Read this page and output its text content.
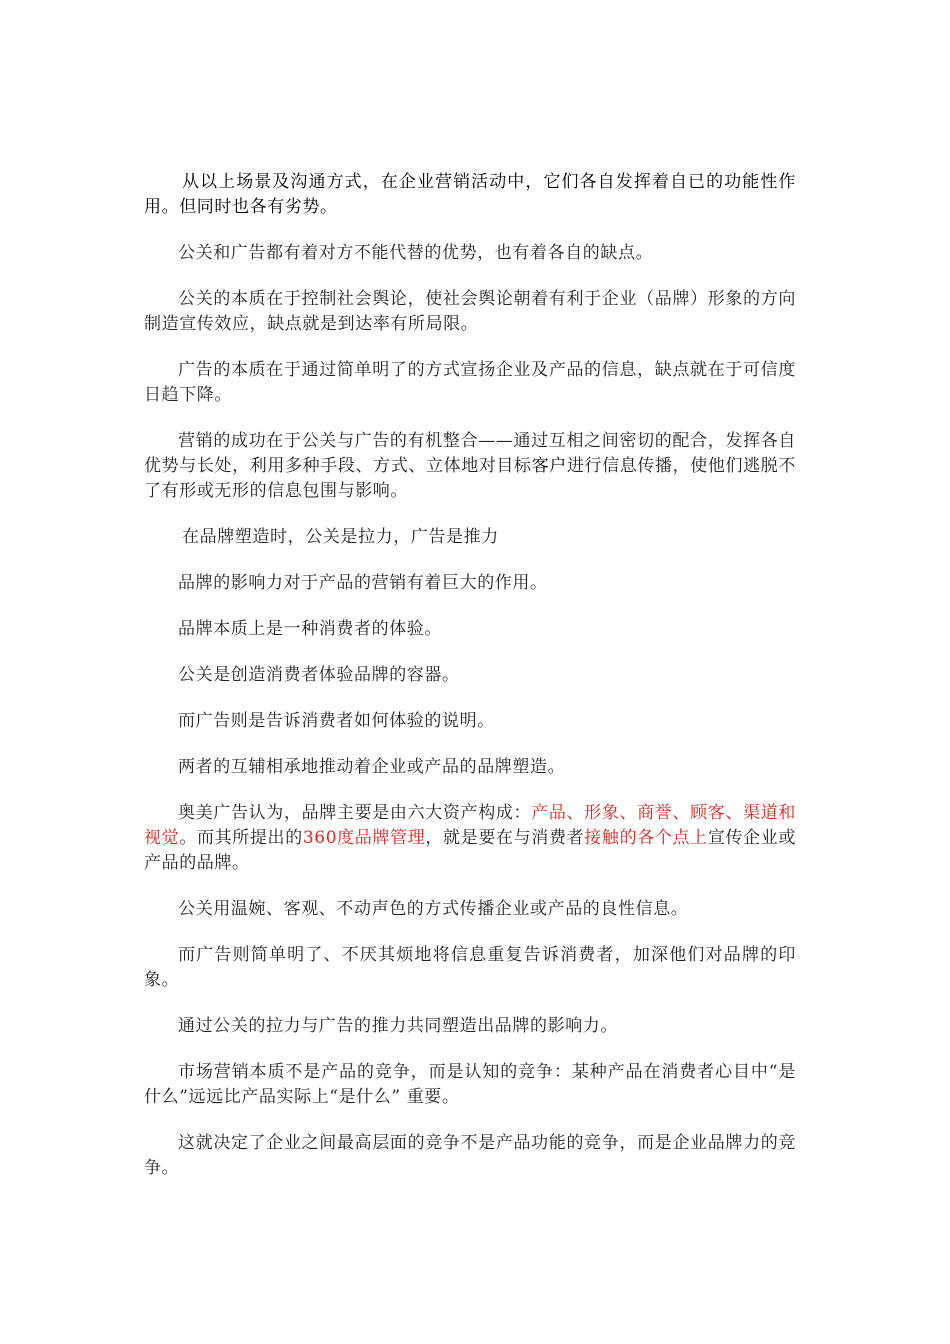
从以上场景及沟通方式，在企业营销活动中，它们各自发挥着自已的功能性作用。但同时也各有劣势。

公关和广告都有着对方不能代替的优势，也有着各自的缺点。

公关的本质在于控制社会舆论，使社会舆论朝着有利于企业（品牌）形象的方向制造宣传效应，缺点就是到达率有所局限。

广告的本质在于通过简单明了的方式宣扬企业及产品的信息，缺点就在于可信度日趋下降。

营销的成功在于公关与广告的有机整合——通过互相之间密切的配合，发挥各自优势与长处，利用多种手段、方式、立体地对目标客户进行信息传播，使他们逃脱不了有形或无形的信息包围与影响。

在品牌塑造时，公关是拉力，广告是推力

品牌的影响力对于产品的营销有着巨大的作用。

品牌本质上是一种消费者的体验。

公关是创造消费者体验品牌的容器。

而广告则是告诉消费者如何体验的说明。

两者的互辅相承地推动着企业或产品的品牌塑造。

奥美广告认为，品牌主要是由六大资产构成：产品、形象、商誉、顾客、渠道和视觉。而其所提出的360度品牌管理，就是要在与消费者接触的各个点上宣传企业或产品的品牌。

公关用温婉、客观、不动声色的方式传播企业或产品的良性信息。

而广告则简单明了、不厌其烦地将信息重复告诉消费者，加深他们对品牌的印象。

通过公关的拉力与广告的推力共同塑造出品牌的影响力。

市场营销本质不是产品的竞争，而是认知的竞争：某种产品在消费者心目中“是什么”远远比产品实际上“是什么” 重要。

这就决定了企业之间最高层面的竞争不是产品功能的竞争，而是企业品牌力的竞争。
